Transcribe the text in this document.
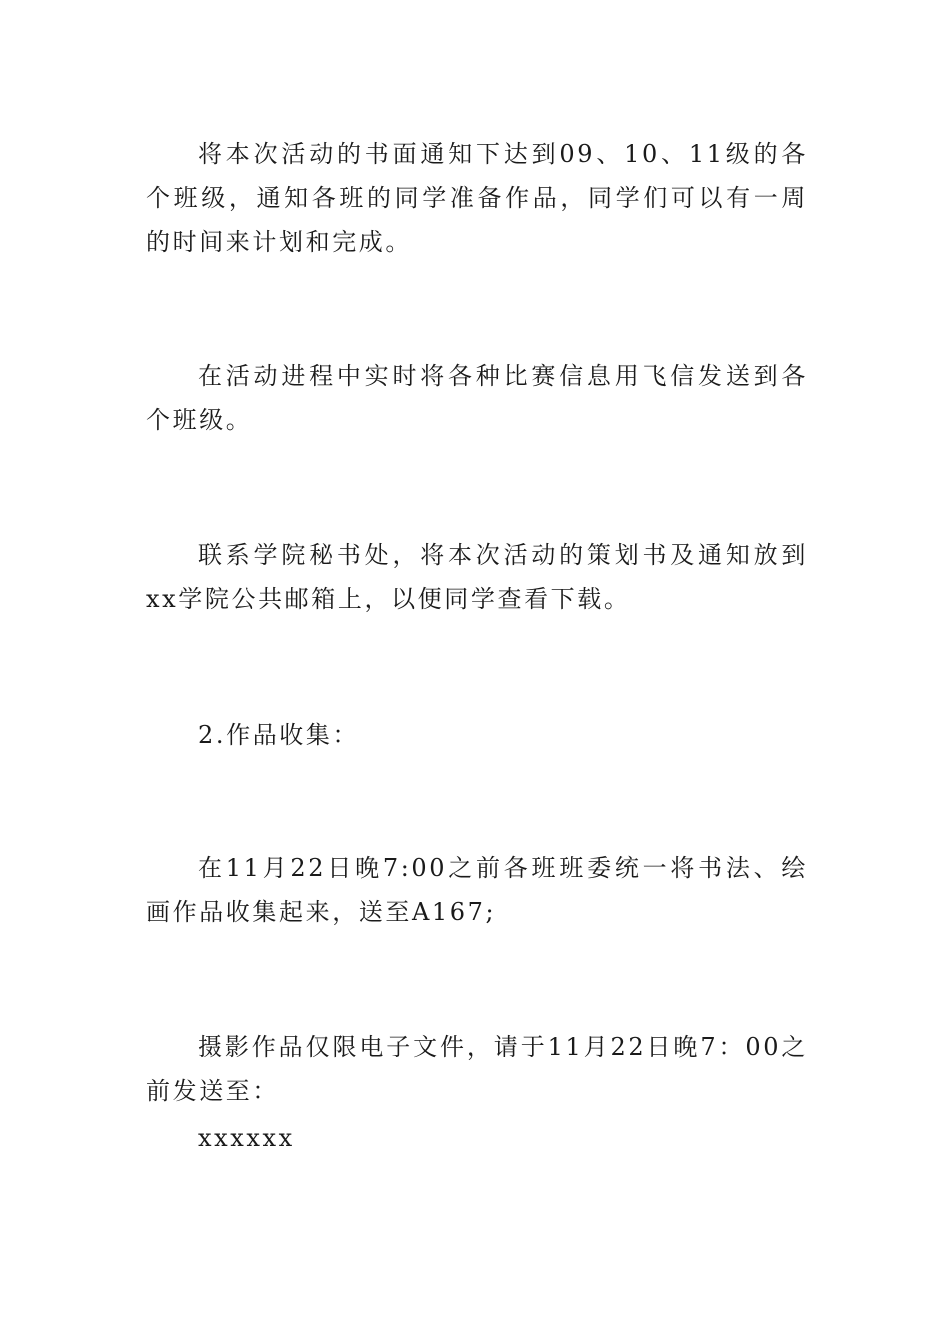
将本次活动的书面通知下达到09、10、11级的各个班级，通知各班的同学准备作品，同学们可以有一周的时间来计划和完成。

在活动进程中实时将各种比赛信息用飞信发送到各个班级。

联系学院秘书处，将本次活动的策划书及通知放到xx学院公共邮箱上，以便同学查看下载。

2.作品收集：

在11月22日晚7:00之前各班班委统一将书法、绘画作品收集起来，送至A167;

摄影作品仅限电子文件，请于11月22日晚7：00之前发送至：

xxxxxx
